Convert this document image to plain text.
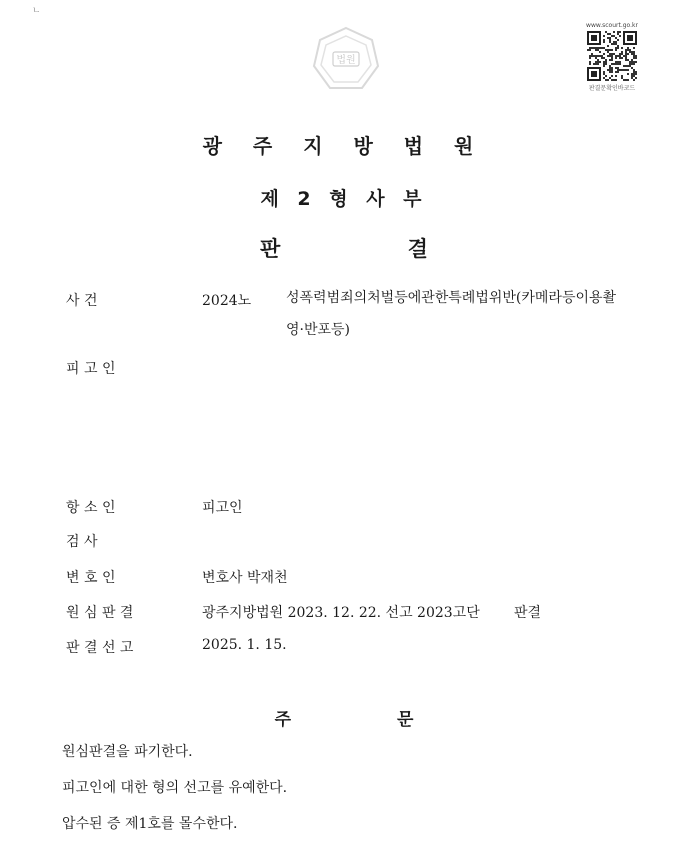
ㄴ
법원
www.scourt.go.kr
판결문확인바코드
광 주 지 방 법 원
제 2 형 사 부
판 결
사 건	2024노 성폭력범죄의처벌등에관한특례법위반(카메라등이용촬영·반포등)
피 고 인
항 소 인	피고인
검 사
변 호 인	변호사 박재천
원 심 판 결	광주지방법원 2023. 12. 22. 선고 2023고단 판결
판 결 선 고	2025. 1. 15.
주 문
원심판결을 파기한다.
피고인에 대한 형의 선고를 유예한다.
압수된 증 제1호를 몰수한다.
